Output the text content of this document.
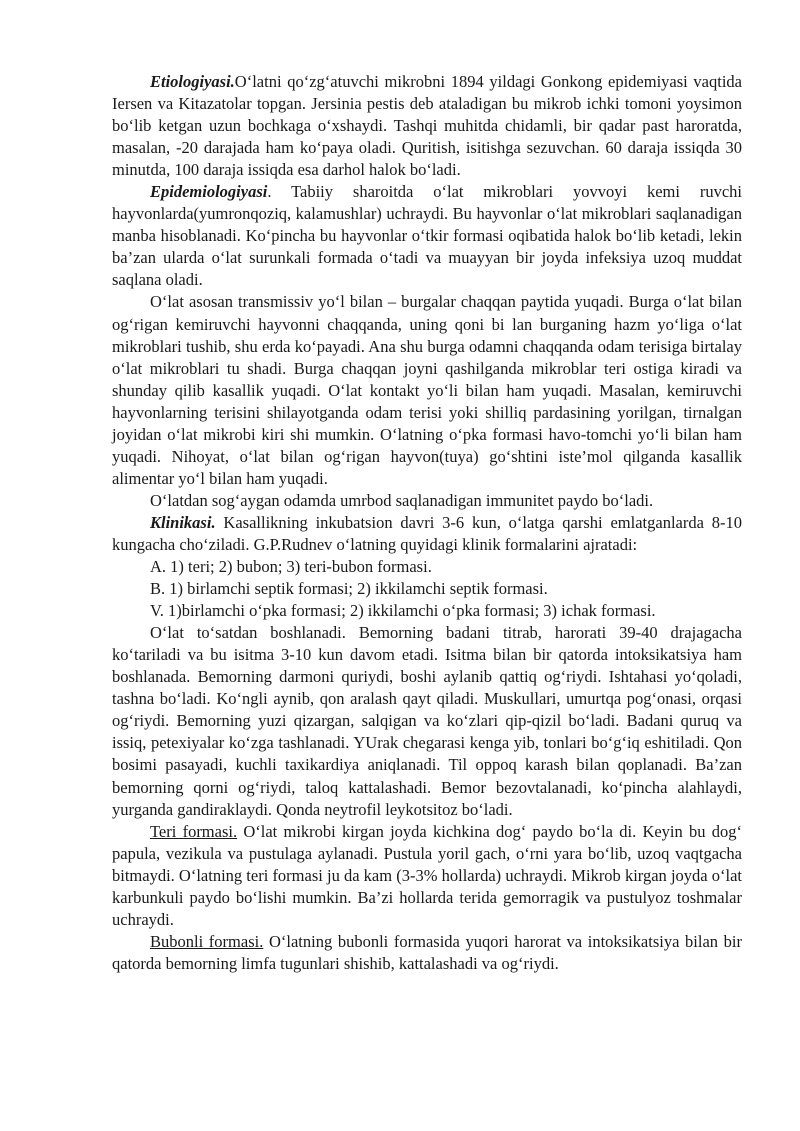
Etiologiyasi.O‘latni qo‘zg‘atuvchi mikrobni 1894 yildagi Gonkong epidemiyasi vaqtida Iersen va Kitazatolar topgan. Jersinia pestis deb ataladigan bu mikrob ichki tomoni yoysimon bo‘lib ketgan uzun bochkaga o‘xshaydi. Tashqi muhitda chidamli, bir qadar past haroratda, masalan, -20 darajada ham ko‘paya oladi. Quritish, isitishga sezuvchan. 60 daraja issiqda 30 minutda, 100 daraja issiqda esa darhol halok bo‘ladi.

Epidemiologiyasi. Tabiiy sharoitda o‘lat mikroblari yovvoyi kemi ruvchi hayvonlarda(yumronqoziq, kalamushlar) uchraydi. Bu hayvonlar o‘lat mikroblari saqlanadigan manba hisoblanadi. Ko‘pincha bu hayvonlar o‘tkir formasi oqibatida halok bo‘lib ketadi, lekin ba’zan ularda o‘lat surunkali formada o‘tadi va muayyan bir joyda infeksiya uzoq muddat saqlana oladi.

O‘lat asosan transmissiv yo‘l bilan – burgalar chaqqan paytida yuqadi. Burga o‘lat bilan og‘rigan kemiruvchi hayvonni chaqqanda, uning qoni bi lan burganing hazm yo‘liga o‘lat mikroblari tushib, shu erda ko‘payadi. Ana shu burga odamni chaqqanda odam terisiga birtalay o‘lat mikroblari tu shadi. Burga chaqqan joyni qashilganda mikroblar teri ostiga kiradi va shunday qilib kasallik yuqadi. O‘lat kontakt yo‘li bilan ham yuqadi. Masalan, kemiruvchi hayvonlarning terisini shilayotganda odam terisi yoki shilliq pardasining yorilgan, tirnalgan joyidan o‘lat mikrobi kiri shi mumkin. O‘latning o‘pka formasi havo-tomchi yo‘li bilan ham yuqadi. Nihoyat, o‘lat bilan og‘rigan hayvon(tuya) go‘shtini iste’mol qilganda kasallik alimentar yo‘l bilan ham yuqadi.

O‘latdan sog‘aygan odamda umrbod saqlanadigan immunitet paydo bo‘ladi.

Klinikasi. Kasallikning inkubatsion davri 3-6 kun, o‘latga qarshi emlatganlarda 8-10 kungacha cho‘ziladi. G.P.Rudnev o‘latning quyidagi klinik formalarini ajratadi:

A. 1) teri; 2) bubon; 3) teri-bubon formasi.

B. 1) birlamchi septik formasi; 2) ikkilamchi septik formasi.

V. 1)birlamchi o‘pka formasi; 2) ikkilamchi o‘pka formasi; 3) ichak formasi.

O‘lat to‘satdan boshlanadi. Bemorning badani titrab, harorati 39-40 drajagacha ko‘tariladi va bu isitma 3-10 kun davom etadi. Isitma bilan bir qatorda intoksikatsiya ham boshlanada. Bemorning darmoni quriydi, boshi aylanib qattiq og‘riydi. Ishtahasi yo‘qoladi, tashna bo‘ladi. Ko‘ngli aynib, qon aralash qayt qiladi. Muskullari, umurtqa pog‘onasi, orqasi og‘riydi. Bemorning yuzi qizargan, salqigan va ko‘zlari qip-qizil bo‘ladi. Badani quruq va issiq, petexiyalar ko‘zga tashlanadi. YUrak chegarasi kenga yib, tonlari bo‘g‘iq eshitiladi. Qon bosimi pasayadi, kuchli taxikardiya aniqlanadi. Til oppoq karash bilan qoplanadi. Ba’zan bemorning qorni og‘riydi, taloq kattalashadi. Bemor bezovtalanadi, ko‘pincha alahlaydi, yurganda gandiraklaydi. Qonda neytrofil leykotsitoz bo‘ladi.

Teri formasi. O‘lat mikrobi kirgan joyda kichkina dog‘ paydo bo‘la di. Keyin bu dog‘ papula, vezikula va pustulaga aylanadi. Pustula yoril gach, o‘rni yara bo‘lib, uzoq vaqtgacha bitmaydi. O‘latning teri formasi ju da kam (3-3% hollarda) uchraydi. Mikrob kirgan joyda o‘lat karbunkuli paydo bo‘lishi mumkin. Ba’zi hollarda terida gemorragik va pustulyoz toshmalar uchraydi.

Bubonli formasi. O‘latning bubonli formasida yuqori harorat va intoksikatsiya bilan bir qatorda bemorning limfa tugunlari shishib, kattalashadi va og‘riydi.
